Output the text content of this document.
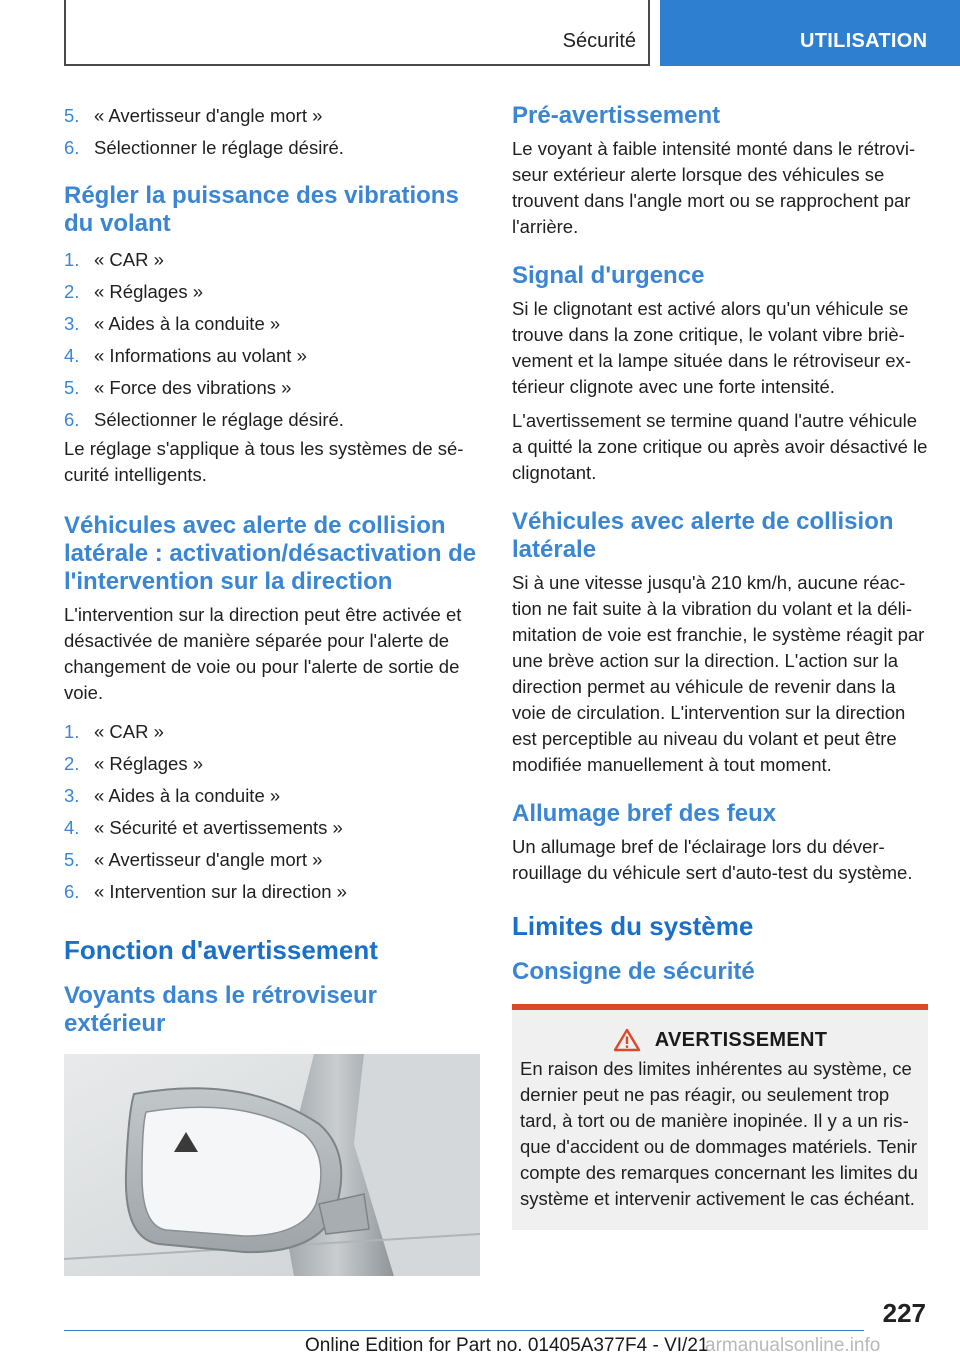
Sécurité	UTILISATION
5. « Avertisseur d'angle mort »
6. Sélectionner le réglage désiré.
Régler la puissance des vibrations du volant
1. « CAR »
2. « Réglages »
3. « Aides à la conduite »
4. « Informations au volant »
5. « Force des vibrations »
6. Sélectionner le réglage désiré.

Le réglage s'applique à tous les systèmes de sécurité intelligents.

Véhicules avec alerte de collision latérale : activation/désactivation de l'intervention sur la direction

L'intervention sur la direction peut être activée et désactivée de manière séparée pour l'alerte de changement de voie ou pour l'alerte de sortie de voie.

1. « CAR »
2. « Réglages »
3. « Aides à la conduite »
4. « Sécurité et avertissements »
5. « Avertisseur d'angle mort »
6. « Intervention sur la direction »
Fonction d'avertissement
Voyants dans le rétroviseur extérieur
Pré-avertissement

Le voyant à faible intensité monté dans le rétroviseur extérieur alerte lorsque des véhicules se trouvent dans l'angle mort ou se rapprochent par l'arrière.

Signal d'urgence

Si le clignotant est activé alors qu'un véhicule se trouve dans la zone critique, le volant vibre brièvement et la lampe située dans le rétroviseur extérieur clignote avec une forte intensité.

L'avertissement se termine quand l'autre véhicule a quitté la zone critique ou après avoir désactivé le clignotant.

Véhicules avec alerte de collision latérale

Si à une vitesse jusqu'à 210 km/h, aucune réaction ne fait suite à la vibration du volant et la délimitation de voie est franchie, le système réagit par une brève action sur la direction. L'action sur la direction permet au véhicule de revenir dans la voie de circulation. L'intervention sur la direction est perceptible au niveau du volant et peut être modifiée manuellement à tout moment.

Allumage bref des feux

Un allumage bref de l'éclairage lors du déverrouillage du véhicule sert d'auto-test du système.

Limites du système
Consigne de sécurité
AVERTISSEMENT

En raison des limites inhérentes au système, ce dernier peut ne pas réagir, ou seulement trop tard, à tort ou de manière inopinée. Il y a un risque d'accident ou de dommages matériels. Tenir compte des remarques concernant les limites du système et intervenir activement le cas échéant.

227
Online Edition for Part no. 01405A377F4 - VI/21
armanualsonline.info
